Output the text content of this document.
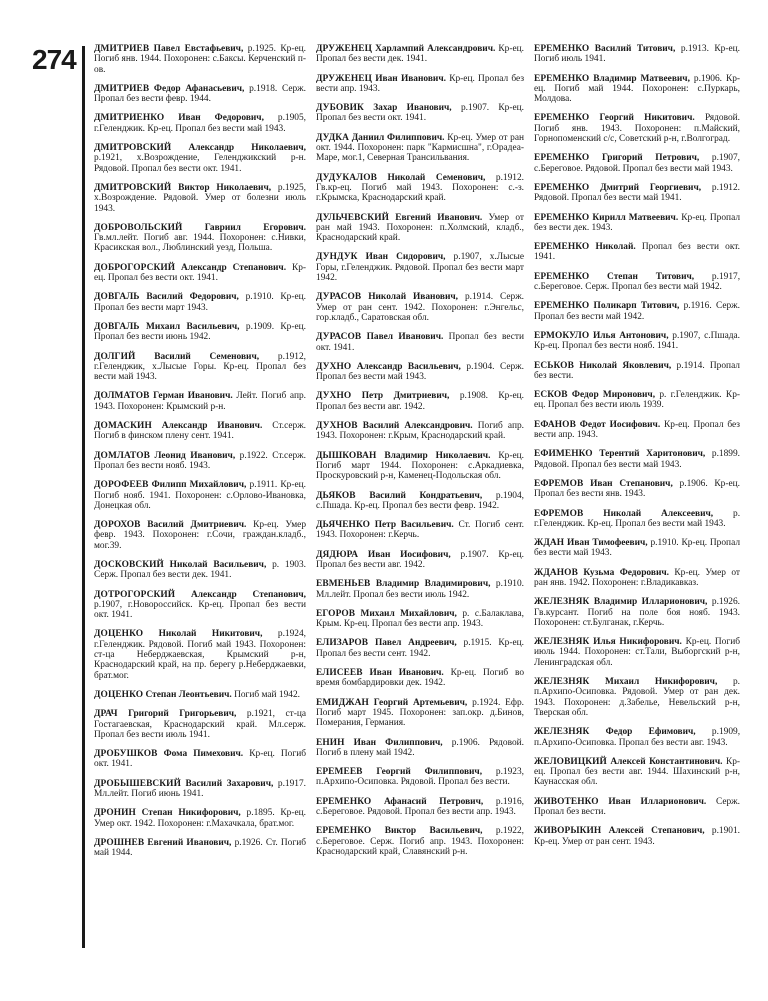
274 ДМИТРИЕВ Павел Евстафьевич, р.1925. Кр-ец. Погиб янв. 1944. Похоронен: с.Баксы. Керченский п-ов.
ДМИТРИЕВ Федор Афанасьевич, р.1918. Серж. Пропал без вести февр. 1944.
ДМИТРИЕНКО Иван Федорович, р.1905, г.Геленджик. Кр-ец. Пропал без вести май 1943.
ДМИТРОВСКИЙ Александр Николаевич, р.1921, х.Возрождение, Геленджикский р-н. Рядовой. Пропал без вести окт. 1941.
ДМИТРОВСКИЙ Виктор Николаевич, р.1925, х.Возрождение. Рядовой. Умер от болезни июль 1943.
ДОБРОВОЛЬСКИЙ Гавриил Егорович. Гв.мл.лейт. Погиб авг. 1944. Похоронен: с.Нивки, Красикская вол., Люблинский уезд, Польша.
ДОБРОГОРСКИЙ Александр Степанович. Кр-ец. Пропал без вести окт. 1941.
ДОВГАЛЬ Василий Федорович, р.1910. Кр-ец. Пропал без вести март 1943.
ДОВГАЛЬ Михаил Васильевич, р.1909. Кр-ец. Пропал без вести июнь 1942.
ДОЛГИЙ Василий Семенович, р.1912, г.Геленджик, х.Лысые Горы. Кр-ец. Пропал без вести май 1943.
ДОЛМАТОВ Герман Иванович. Лейт. Погиб апр. 1943. Похоронен: Крымский р-н.
ДОМАСКИН Александр Иванович. Ст.серж. Погиб в финском плену сент. 1941.
ДОМЛАТОВ Леонид Иванович, р.1922. Ст.серж. Пропал без вести нояб. 1943.
ДОРОФЕЕВ Филипп Михайлович, р.1911. Кр-ец. Погиб нояб. 1941. Похоронен: с.Орлово-Ивановка, Донецкая обл.
ДОРОХОВ Василий Дмитриевич. Кр-ец. Умер февр. 1943. Похоронен: г.Сочи, граждан.кладб., мог.39.
ДОСКОВСКИЙ Николай Васильевич, р. 1903. Серж. Пропал без вести дек. 1941.
ДОТРОГОРСКИЙ Александр Степанович, р.1907, г.Новороссийск. Кр-ец. Пропал без вести окт. 1941.
ДОЦЕНКО Николай Никитович, р.1924, г.Геленджик. Рядовой. Погиб май 1943. Похоронен: ст-ца Неберджаевская, Крымский р-н, Краснодарский край, на пр. берегу р.Неберджаевки, брат.мог.
ДОЦЕНКО Степан Леонтьевич. Погиб май 1942.
ДРАЧ Григорий Григорьевич, р.1921, ст-ца Гостагаевская, Краснодарский край. Мл.серж. Пропал без вести июль 1941.
ДРОБУШКОВ Фома Пимехович. Кр-ец. Погиб окт. 1941.
ДРОБЫШЕВСКИЙ Василий Захарович, р.1917. Мл.лейт. Погиб июнь 1941.
ДРОНИН Степан Никифорович, р.1895. Кр-ец. Умер окт. 1942. Похоронен: г.Махачкала, брат.мог.
ДРОШНЕВ Евгений Иванович, р.1926. Ст. Погиб май 1944.
ДРУЖЕНЕЦ Харлампий Александрович. Кр-ец. Пропал без вести дек. 1941.
ДРУЖЕНЕЦ Иван Иванович. Кр-ец. Пропал без вести апр. 1943.
ДУБОВИК Захар Иванович, р.1907. Кр-ец. Пропал без вести окт. 1941.
ДУДКА Даниил Филиппович. Кр-ец. Умер от ран окт. 1944. Похоронен: парк "Кармисшна", г.Орадеа-Маре, мог.1, Северная Трансильвания.
ДУДУКАЛОВ Николай Семенович, р.1912. Гв.кр-ец. Погиб май 1943. Похоронен: с.-з. г.Крымска, Краснодарский край.
ДУЛЬЧЕВСКИЙ Евгений Иванович. Умер от ран май 1943. Похоронен: п.Холмский, кладб., Краснодарский край.
ДУНДУК Иван Сидорович, р.1907, х.Лысые Горы, г.Геленджик. Рядовой. Пропал без вести март 1942.
ДУРАСОВ Николай Иванович, р.1914. Серж. Умер от ран сент. 1942. Похоронен: г.Энгельс, гор.кладб., Саратовская обл.
ДУРАСОВ Павел Иванович. Пропал без вести окт. 1941.
ДУХНО Александр Васильевич, р.1904. Серж. Пропал без вести май 1943.
ДУХНО Петр Дмитриевич, р.1908. Кр-ец. Пропал без вести авг. 1942.
ДУХНОВ Василий Александрович. Погиб апр. 1943. Похоронен: г.Крым, Краснодарский край.
ДЫШКОВАН Владимир Николаевич. Кр-ец. Погиб март 1944. Похоронен: с.Аркадиевка, Проскуровский р-н, Каменец-Подольская обл.
ДЬЯКОВ Василий Кондратьевич, р.1904, с.Пшада. Кр-ец. Пропал без вести февр. 1942.
ДЬЯЧЕНКО Петр Васильевич. Ст. Погиб сент. 1943. Похоронен: г.Керчь.
ДЯДЮРА Иван Иосифович, р.1907. Кр-ец. Пропал без вести авг. 1942.
ЕВМЕНЬЕВ Владимир Владимирович, р.1910. Мл.лейт. Пропал без вести июль 1942.
ЕГОРОВ Михаил Михайлович, р. с.Балаклава, Крым. Кр-ец. Пропал без вести апр. 1943.
ЕЛИЗАРОВ Павел Андреевич, р.1915. Кр-ец. Пропал без вести сент. 1942.
ЕЛИСЕЕВ Иван Иванович. Кр-ец. Погиб во время бомбардировки дек. 1942.
ЕМИДЖАН Георгий Артемьевич, р.1924. Ефр. Погиб март 1945. Похоронен: зап.окр. д.Бинов, Померания, Германия.
ЕНИН Иван Филиппович, р.1906. Рядовой. Погиб в плену май 1942.
ЕРЕМЕЕВ Георгий Филиппович, р.1923, п.Архипо-Осиповка. Рядовой. Пропал без вести.
ЕРЕМЕНКО Афанасий Петрович, р.1916, с.Береговое. Рядовой. Пропал без вести апр. 1943.
ЕРЕМЕНКО Виктор Васильевич, р.1922, с.Береговое. Серж. Погиб апр. 1943. Похоронен: Краснодарский край, Славянский р-н.
ЕРЕМЕНКО Василий Титович, р.1913. Кр-ец. Погиб июль 1941.
ЕРЕМЕНКО Владимир Матвеевич, р.1906. Кр-ец. Погиб май 1944. Похоронен: с.Пуркарь, Молдова.
ЕРЕМЕНКО Георгий Никитович. Рядовой. Погиб янв. 1943. Похоронен: п.Майский, Горнопоменский с/с, Советский р-н, г.Волгоград.
ЕРЕМЕНКО Григорий Петрович, р.1907, с.Береговое. Рядовой. Пропал без вести май 1943.
ЕРЕМЕНКО Дмитрий Георгиевич, р.1912. Рядовой. Пропал без вести май 1941.
ЕРЕМЕНКО Кирилл Матвеевич. Кр-ец. Пропал без вести дек. 1943.
ЕРЕМЕНКО Николай. Пропал без вести окт. 1941.
ЕРЕМЕНКО Степан Титович, р.1917, с.Береговое. Серж. Пропал без вести май 1942.
ЕРЕМЕНКО Поликарп Титович, р.1916. Серж. Пропал без вести май 1942.
ЕРМОКУЛО Илья Антонович, р.1907, с.Пшада. Кр-ец. Пропал без вести нояб. 1941.
ЕСЬКОВ Николай Яковлевич, р.1914. Пропал без вести.
ЕСКОВ Федор Миронович, р. г.Геленджик. Кр-ец. Пропал без вести июль 1939.
ЕФАНОВ Федот Иосифович. Кр-ец. Пропал без вести апр. 1943.
ЕФИМЕНКО Терентий Харитонович, р.1899. Рядовой. Пропал без вести май 1943.
ЕФРЕМОВ Иван Степанович, р.1906. Кр-ец. Пропал без вести янв. 1943.
ЕФРЕМОВ Николай Алексеевич, р. г.Геленджик. Кр-ец. Пропал без вести май 1943.
ЖДАН Иван Тимофеевич, р.1910. Кр-ец. Пропал без вести май 1943.
ЖДАНОВ Кузьма Федорович. Кр-ец. Умер от ран янв. 1942. Похоронен: г.Владикавказ.
ЖЕЛЕЗНЯК Владимир Илларионович, р.1926. Гв.курсант. Погиб на поле боя нояб. 1943. Похоронен: ст.Булганак, г.Керчь.
ЖЕЛЕЗНЯК Илья Никифорович. Кр-ец. Погиб июль 1944. Похоронен: ст.Тали, Выборгский р-н, Ленинградская обл.
ЖЕЛЕЗНЯК Михаил Никифорович, р. п.Архипо-Осиповка. Рядовой. Умер от ран дек. 1943. Похоронен: д.Забелье, Невельский р-н, Тверская обл.
ЖЕЛЕЗНЯК Федор Ефимович, р.1909, п.Архипо-Осиповка. Пропал без вести авг. 1943.
ЖЕЛОВИЦКИЙ Алексей Константинович. Кр-ец. Пропал без вести авг. 1944. Шахинский р-н, Каунасская обл.
ЖИВОТЕНКО Иван Илларионович. Серж. Пропал без вести.
ЖИВОРЫКИН Алексей Степанович, р.1901. Кр-ец. Умер от ран сент. 1943.
